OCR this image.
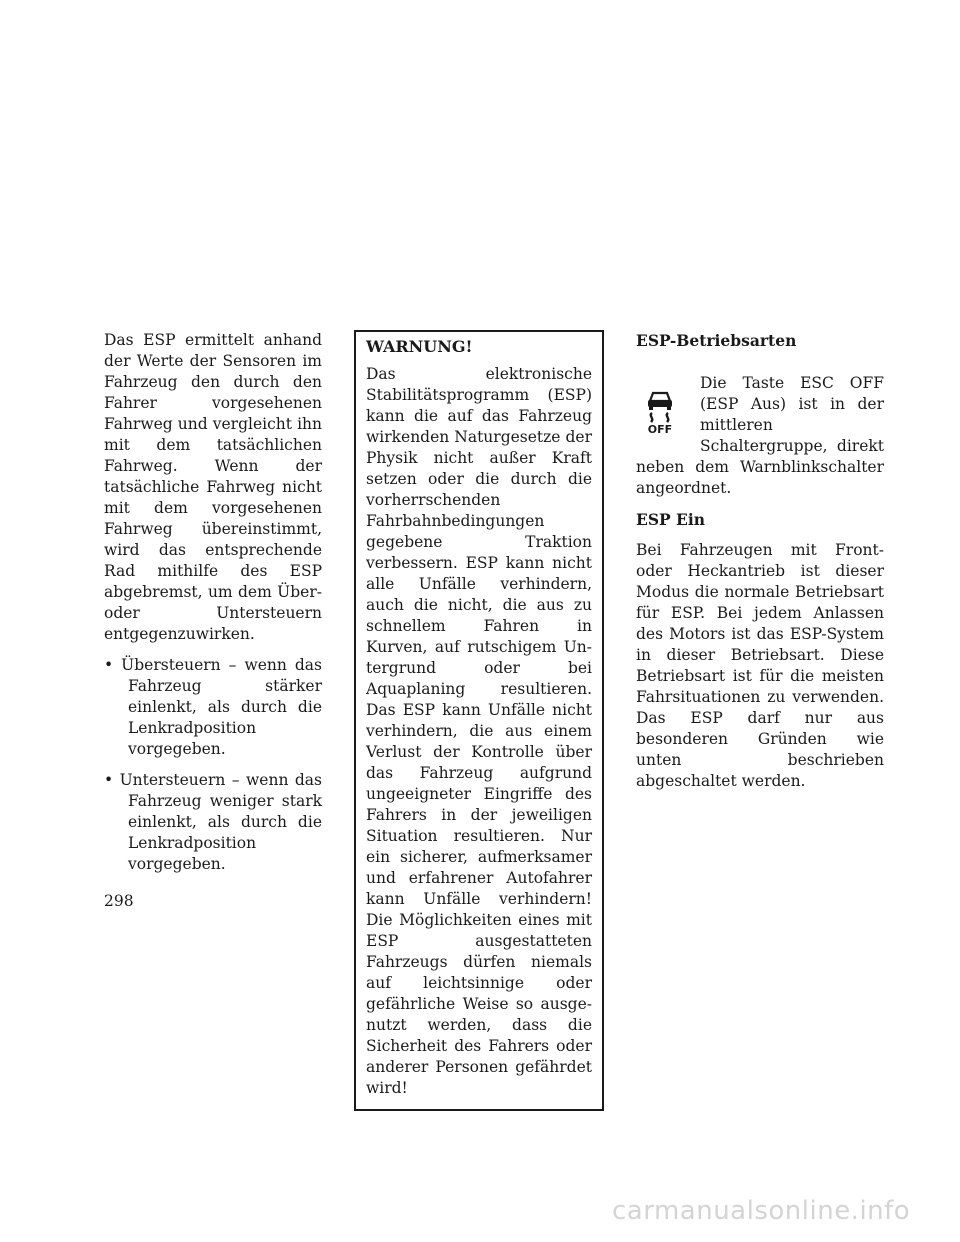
Das ESP ermittelt anhand der Werte der Sensoren im Fahrzeug den durch den Fahrer vorgesehenen Fahrweg und vergleicht ihn mit dem tatsächlichen Fahrweg. Wenn der tatsächliche Fahrweg nicht mit dem vorgesehenen Fahrweg übereinstimmt, wird das entsprechende Rad mithilfe des ESP abgebremst, um dem Über- oder Untersteuern entgegenzuwirken.

• Übersteuern – wenn das Fahrzeug stärker einlenkt, als durch die Lenkradposition vorgegeben.

• Untersteuern – wenn das Fahrzeug weniger stark einlenkt, als durch die Lenkradposition vorgegeben.

WARNUNG!

Das elektronische Stabilitätsprogramm (ESP) kann die auf das Fahrzeug wirkenden Naturgesetze der Physik nicht außer Kraft setzen oder die durch die vorherrschenden Fahrbahnbedingungen gegebene Traktion verbessern. ESP kann nicht alle Unfälle verhindern, auch die nicht, die aus zu schnellem Fahren in Kurven, auf rutschigem Untergrund oder bei Aquaplaning resultieren. Das ESP kann Unfälle nicht verhindern, die aus einem Verlust der Kontrolle über das Fahrzeug aufgrund ungeeigneter Eingriffe des Fahrers in der jeweiligen Situation resultieren. Nur ein sicherer, aufmerksamer und erfahrener Autofahrer kann Unfälle verhindern! Die Möglichkeiten eines mit ESP ausgestatteten Fahrzeugs dürfen niemals auf leichtsinnige oder gefährliche Weise so ausgenutzt werden, dass die Sicherheit des Fahrers oder anderer Personen gefährdet wird!

ESP-Betriebsarten

OFF

Die Taste ESC OFF (ESP Aus) ist in der mittleren Schaltergruppe, direkt neben dem Warnblinkschalter angeordnet.

ESP Ein

Bei Fahrzeugen mit Front- oder Heckantrieb ist dieser Modus die normale Betriebsart für ESP. Bei jedem Anlassen des Motors ist das ESP-System in dieser Betriebsart. Diese Betriebsart ist für die meisten Fahrsituationen zu verwenden. Das ESP darf nur aus besonderen Gründen wie unten beschrieben abgeschaltet werden.

298
carmanualsonline.info
